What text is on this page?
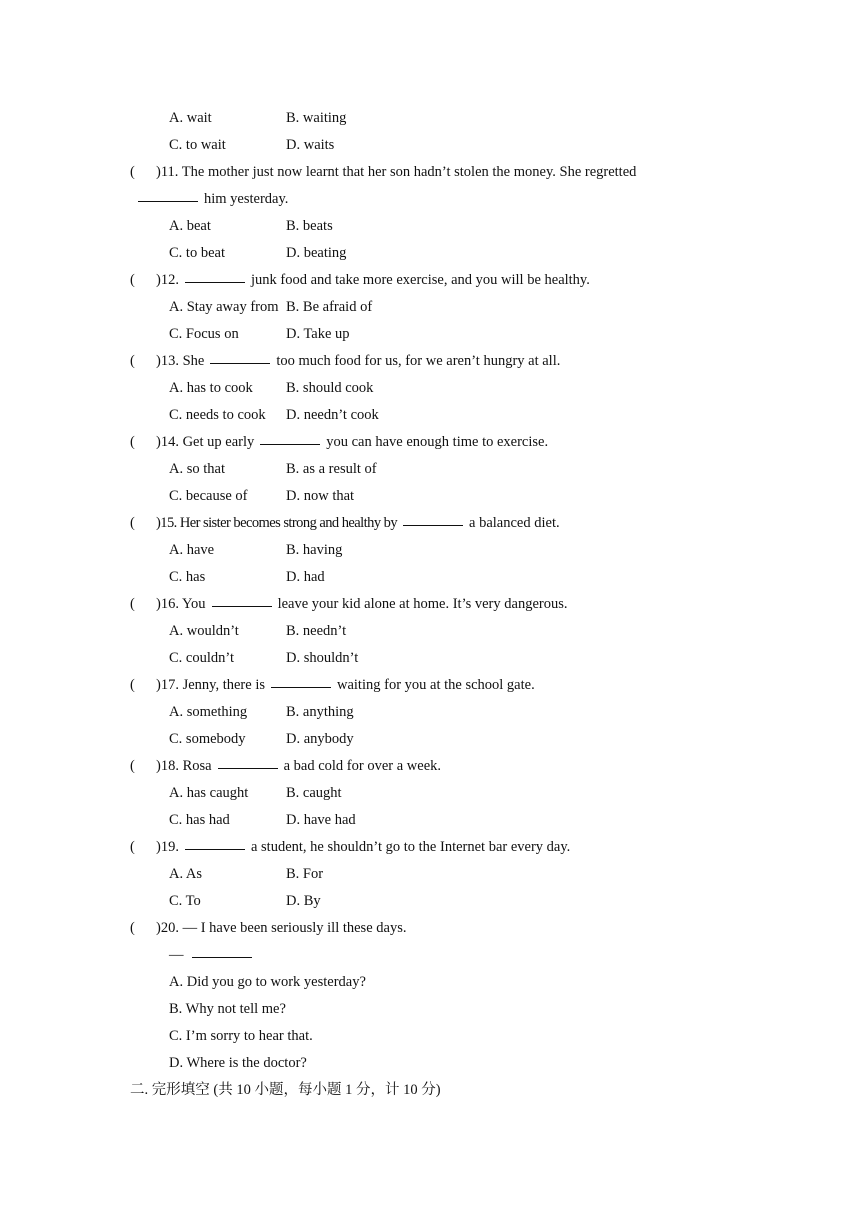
A. wait	B. waiting
C. to wait	D. waits
( )11. The mother just now learnt that her son hadn’t stolen the money. She regretted
him yesterday.
A. beat	B. beats
C. to beat	D. beating
( )12.	junk food and take more exercise, and you will be healthy.
A. Stay away from B. Be afraid of
C. Focus on	D. Take up
( )13. She	too much food for us, for we aren’t hungry at all.
A. has to cook B. should cook
C. needs to cook D. needn’t cook
( )14. Get up early	you can have enough time to exercise.
A. so that	B. as a result of
C. because of	D. now that
( )15. Her sister becomes strong and healthy by	a balanced diet.
A. have	B. having
C. has	D. had
( )16. You	leave your kid alone at home. It’s very dangerous.
A. wouldn’t	B. needn’t
C. couldn’t	D. shouldn’t
( )17. Jenny, there is	waiting for you at the school gate.
A. something	B. anything
C. somebody	D. anybody
( )18. Rosa	a bad cold for over a week.
A. has caught	B. caught
C. has had	D. have had
( )19.	a student, he shouldn’t go to the Internet bar every day.
A. As	B. For
C. To	D. By
( )20. — I have been seriously ill these days.
—
A. Did you go to work yesterday?
B. Why not tell me?
C. I’m sorry to hear that.
D. Where is the doctor?
二. 完形填空 (共 10 小题，每小题 1 分，计 10 分)
